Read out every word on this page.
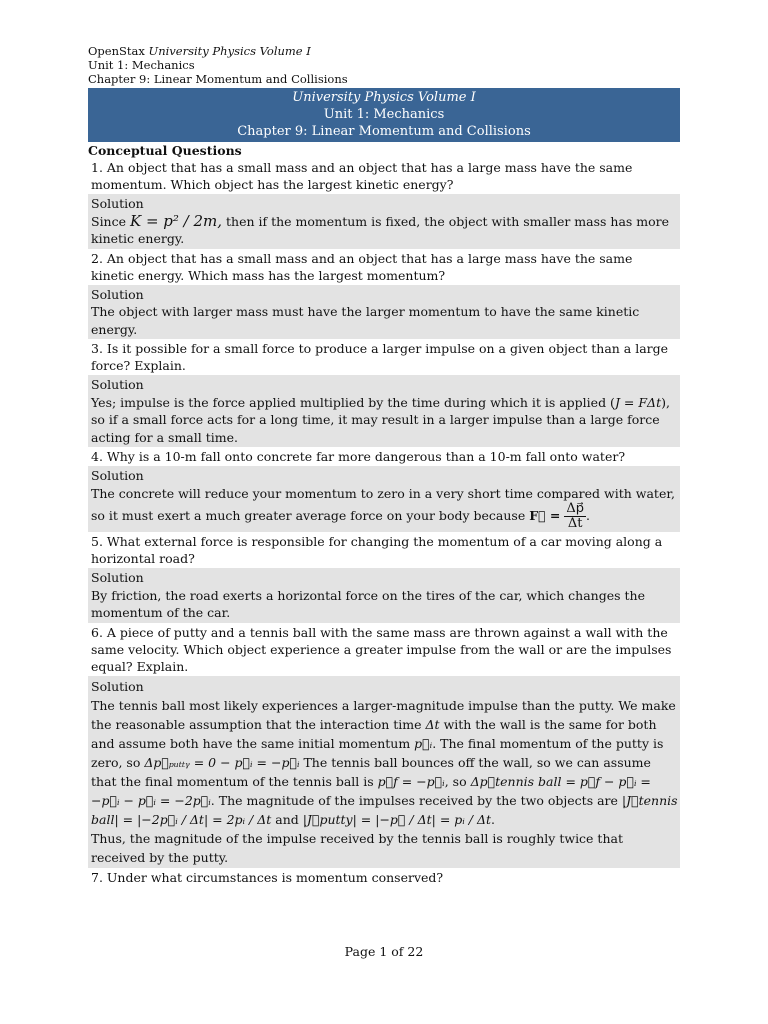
OpenStax University Physics Volume I
Unit 1: Mechanics
Chapter 9: Linear Momentum and Collisions
University Physics Volume I
Unit 1: Mechanics
Chapter 9: Linear Momentum and Collisions
Conceptual Questions
1. An object that has a small mass and an object that has a large mass have the same momentum. Which object has the largest kinetic energy?
Solution
Since K = p² / 2m, then if the momentum is fixed, the object with smaller mass has more kinetic energy.
2. An object that has a small mass and an object that has a large mass have the same kinetic energy. Which mass has the largest momentum?
Solution
The object with larger mass must have the larger momentum to have the same kinetic energy.
3. Is it possible for a small force to produce a larger impulse on a given object than a large force? Explain.
Solution
Yes; impulse is the force applied multiplied by the time during which it is applied (J = FΔt), so if a small force acts for a long time, it may result in a larger impulse than a large force acting for a small time.
4. Why is a 10-m fall onto concrete far more dangerous than a 10-m fall onto water?
Solution
The concrete will reduce your momentum to zero in a very short time compared with water, so it must exert a much greater average force on your body because F⃗ = $\frac{\Delta p⃗}{\Delta t}$ .
5. What external force is responsible for changing the momentum of a car moving along a horizontal road?
Solution
By friction, the road exerts a horizontal force on the tires of the car, which changes the momentum of the car.
6. A piece of putty and a tennis ball with the same mass are thrown against a wall with the same velocity. Which object experience a greater impulse from the wall or are the impulses equal? Explain.
Solution
The tennis ball most likely experiences a larger-magnitude impulse than the putty. We make the reasonable assumption that the interaction time Δt with the wall is the same for both and assume both have the same initial momentum p⃗ᵢ. The final momentum of the putty is zero, so Δp⃗ₚᵤₜₜᵧ = 0 − p⃗ᵢ = −p⃗ᵢ The tennis ball bounces off the wall, so we can assume that the final momentum of the tennis ball is p⃗f = −p⃗ᵢ, so Δp⃗tennis ball = p⃗f − p⃗ᵢ = −p⃗ᵢ − p⃗ᵢ = −2p⃗ᵢ. The magnitude of the impulses received by the two objects are |J⃗tennis ball| = |−2p⃗ᵢ / Δt| = 2pᵢ / Δt and |J⃗putty| = |−p⃗ / Δt| = pᵢ / Δt.
Thus, the magnitude of the impulse received by the tennis ball is roughly twice that received by the putty.
7. Under what circumstances is momentum conserved?
Page 1 of 22
